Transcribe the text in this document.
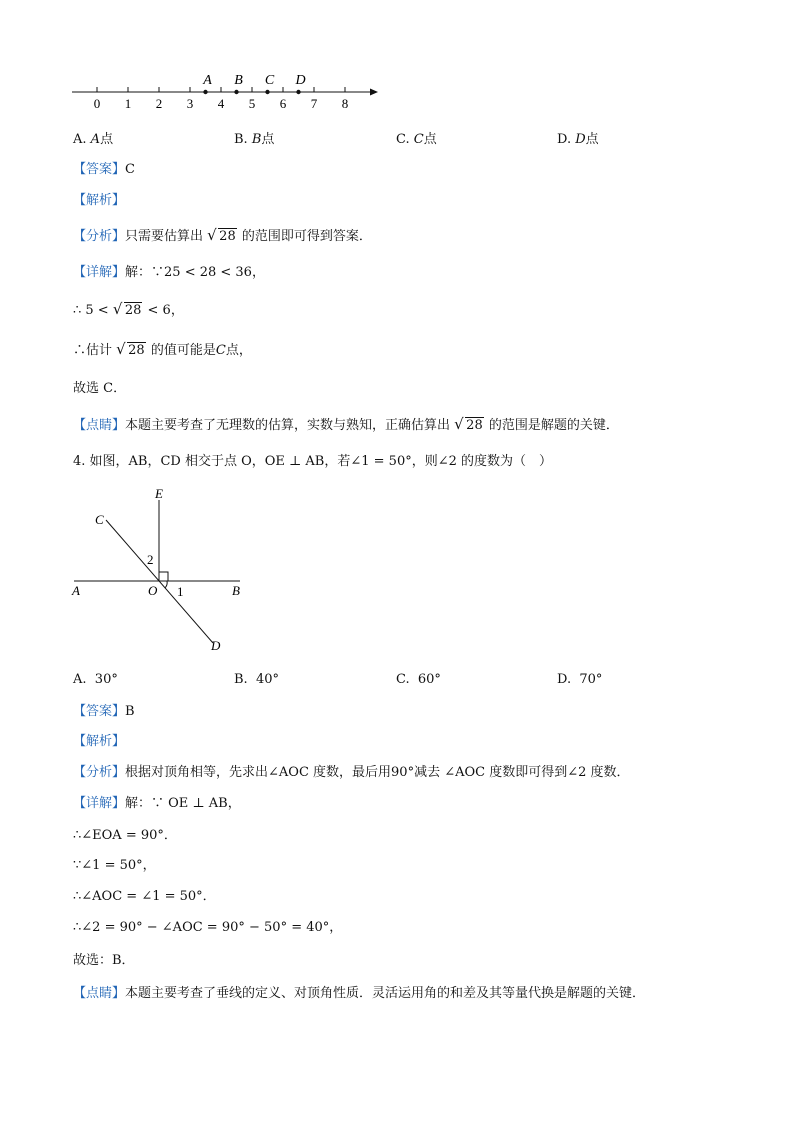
0 1 2 3 4 5 6 7 8
A B C D
A. A点	B. B点	C. C点	D. D点
【答案】C
【解析】
【分析】只需要估算出 √ 28 的范围即可得到答案．
【详解】解：∵25 < 28 < 36，
∴ 5 < √ 28 < 6，
∴估计 √ 28 的值可能是C点，
故选 C．
【点睛】本题主要考查了无理数的估算，实数与熟知，正确估算出 √ 28 的范围是解题的关键．
4. 如图，AB，CD 相交于点 O，OE ⊥ AB，若∠1 = 50°，则∠2 的度数为（　）
E
C
2
A	O 1	B
D
A. 30°	B. 40°	C. 60°	D. 70°
【答案】B
【解析】
【分析】根据对顶角相等，先求出∠AOC 度数，最后用90°减去 ∠AOC 度数即可得到∠2 度数．
【详解】解：∵ OE ⊥ AB，
∴∠EOA = 90°．
∵∠1 = 50°，
∴∠AOC = ∠1 = 50°．
∴∠2 = 90° − ∠AOC = 90° − 50° = 40°，
故选：B．
【点睛】本题主要考查了垂线的定义、对顶角性质．灵活运用角的和差及其等量代换是解题的关键．
